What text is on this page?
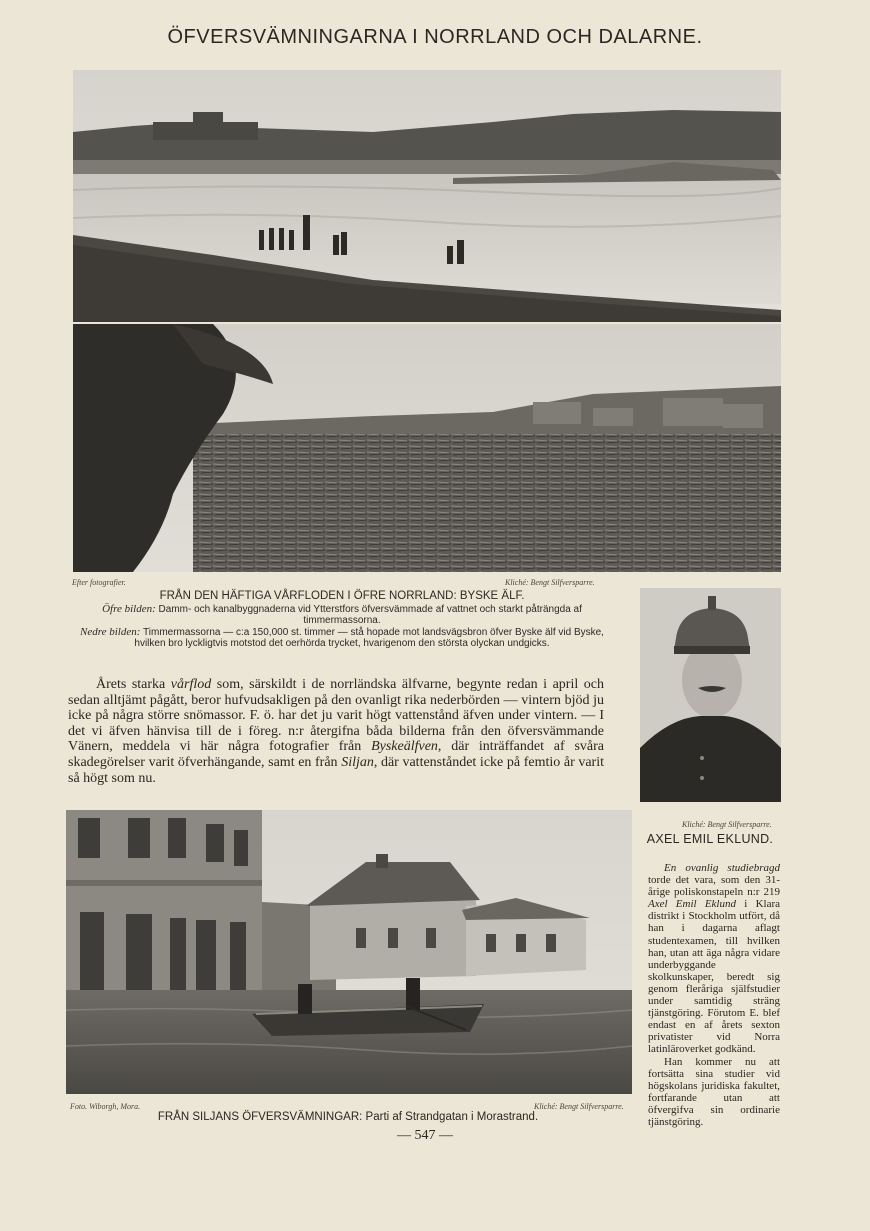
ÖFVERSVÄMNINGARNA I NORRLAND OCH DALARNE.
Efter fotografier.	Kliché: Bengt Silfversparre.
FRÅN DEN HÄFTIGA VÅRFLODEN I ÖFRE NORRLAND: BYSKE ÄLF.

Öfre bilden: Damm- och kanalbyggnaderna vid Ytterstfors öfversvämmade af vattnet och starkt påträngda af timmermassorna.

Nedre bilden: Timmermassorna — c:a 150,000 st. timmer — stå hopade mot landsvägsbron öfver Byske älf vid Byske, hvilken bro lyckligtvis motstod det oerhörda trycket, hvarigenom den största olyckan undgicks.

Årets starka vårflod som, särskildt i de norrländska älfvarne, begynte redan i april och sedan alltjämt pågått, beror hufvudsakligen på den ovanligt rika nederbörden — vintern bjöd ju icke på några större snömassor. F. ö. har det ju varit högt vattenstånd äfven under vintern. — I det vi äfven hänvisa till de i föreg. n:r återgifna båda bilderna från den öfversvämmande Vänern, meddela vi här några fotografier från Byskeälfven, där inträffandet af svåra skadegörelser varit öfverhängande, samt en från Siljan, där vattenståndet icke på femtio år varit så högt som nu.

Kliché: Bengt Silfversparre.
AXEL EMIL EKLUND.

En ovanlig studiebragd torde det vara, som den 31-årige poliskonstapeln n:r 219 Axel Emil Eklund i Klara distrikt i Stockholm utfört, då han i dagarna aflagt studentexamen, till hvilken han, utan att äga några vidare underbyggande skolkunskaper, beredt sig genom fleråriga själfstudier under samtidig sträng tjänstgöring. Förutom E. blef endast en af årets sexton privatister vid Norra latinläroverket godkänd.

Han kommer nu att fortsätta sina studier vid högskolans juridiska fakultet, fortfarande utan att öfvergifva sin ordinarie tjänstgöring.

Foto. Wiborgh, Mora.	Kliché: Bengt Silfversparre.
FRÅN SILJANS ÖFVERSVÄMNINGAR: Parti af Strandgatan i Morastrand.
— 547 —
